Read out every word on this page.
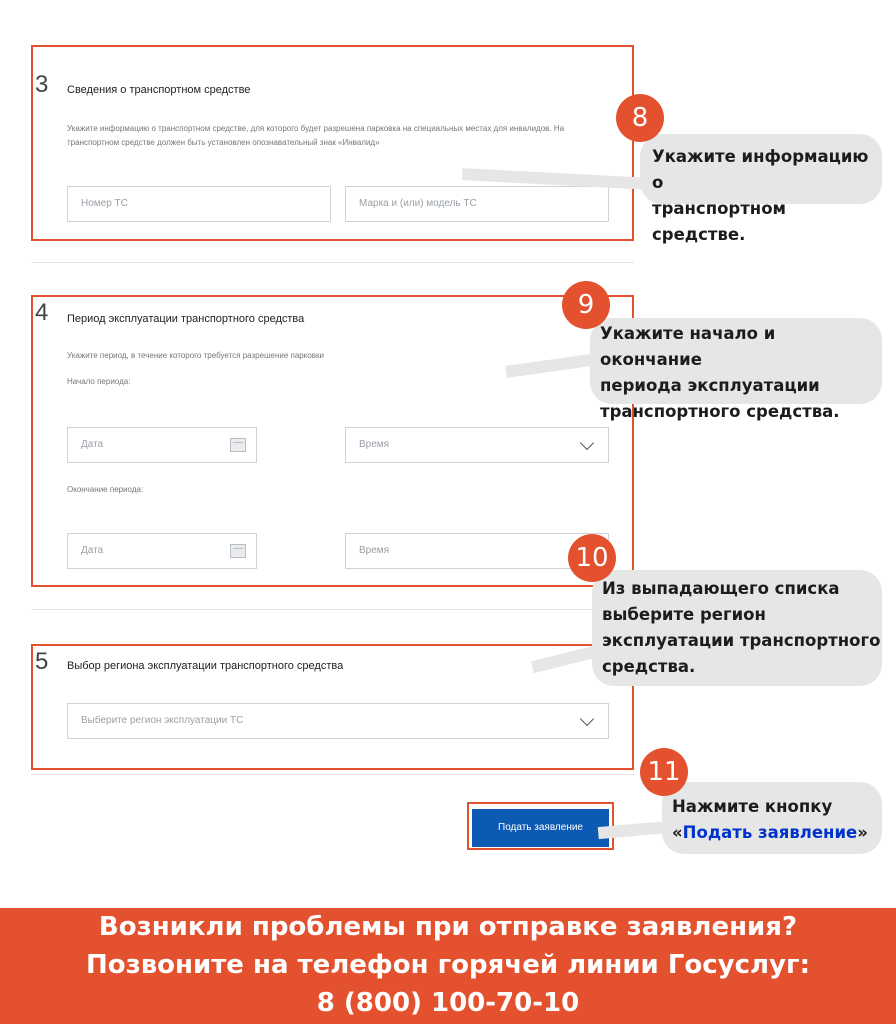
3 Сведения о транспортном средстве
Укажите информацию о транспортном средстве, для которого будет разрешена парковка на специальных местах для инвалидов. На транспортном средстве должен быть установлен опознавательный знак «Инвалид»
Номер ТС	Марка и (или) модель ТС
4 Период эксплуатации транспортного средства
Укажите период, в течение которого требуется разрешение парковки
Начало периода:
Дата	Время
Окончание периода:
Дата	Время
5 Выбор региона эксплуатации транспортного средства
Выберите регион эксплуатации ТС
Подать заявление
Укажите информацию о
транспортном средстве.
8
Укажите начало и окончание
периода эксплуатации
транспортного средства.
9
Из выпадающего списка
выберите регион
эксплуатации транспортного
средства.
10
Нажмите кнопку
«Подать заявление»
11
Возникли проблемы при отправке заявления?
Позвоните на телефон горячей линии Госуслуг:
8 (800) 100-70-10
